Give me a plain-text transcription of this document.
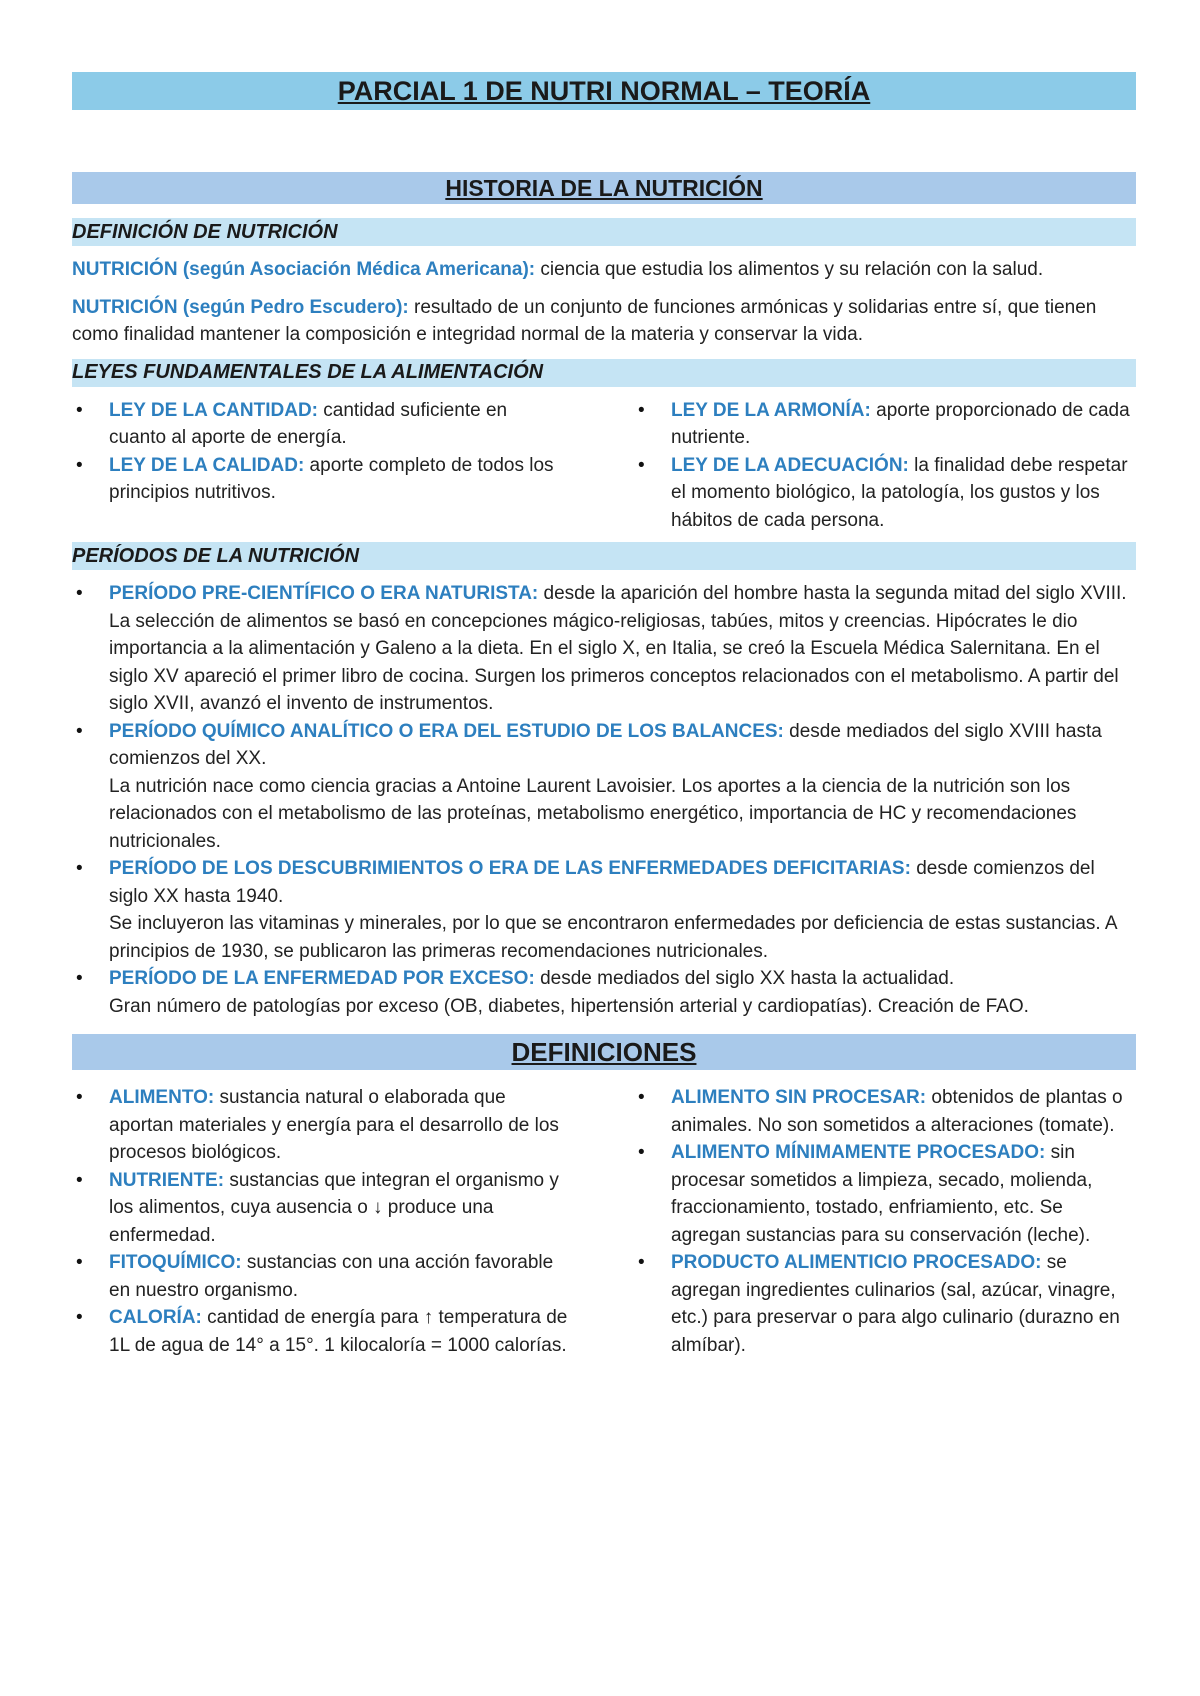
PARCIAL 1 DE NUTRI NORMAL – TEORÍA
HISTORIA DE LA NUTRICIÓN
DEFINICIÓN DE NUTRICIÓN

NUTRICIÓN (según Asociación Médica Americana): ciencia que estudia los alimentos y su relación con la salud.

NUTRICIÓN (según Pedro Escudero): resultado de un conjunto de funciones armónicas y solidarias entre sí, que tienen como finalidad mantener la composición e integridad normal de la materia y conservar la vida.

LEYES FUNDAMENTALES DE LA ALIMENTACIÓN
• LEY DE LA CANTIDAD: cantidad suficiente en cuanto al aporte de energía.
• LEY DE LA CALIDAD: aporte completo de todos los principios nutritivos.
• LEY DE LA ARMONÍA: aporte proporcionado de cada nutriente.
• LEY DE LA ADECUACIÓN: la finalidad debe respetar el momento biológico, la patología, los gustos y los hábitos de cada persona.
PERÍODOS DE LA NUTRICIÓN
• PERÍODO PRE-CIENTÍFICO O ERA NATURISTA: desde la aparición del hombre hasta la segunda mitad del siglo XVIII.
La selección de alimentos se basó en concepciones mágico-religiosas, tabúes, mitos y creencias. Hipócrates le dio importancia a la alimentación y Galeno a la dieta. En el siglo X, en Italia, se creó la Escuela Médica Salernitana. En el siglo XV apareció el primer libro de cocina. Surgen los primeros conceptos relacionados con el metabolismo. A partir del siglo XVII, avanzó el invento de instrumentos.
• PERÍODO QUÍMICO ANALÍTICO O ERA DEL ESTUDIO DE LOS BALANCES: desde mediados del siglo XVIII hasta comienzos del XX.
La nutrición nace como ciencia gracias a Antoine Laurent Lavoisier. Los aportes a la ciencia de la nutrición son los relacionados con el metabolismo de las proteínas, metabolismo energético, importancia de HC y recomendaciones nutricionales.
• PERÍODO DE LOS DESCUBRIMIENTOS O ERA DE LAS ENFERMEDADES DEFICITARIAS: desde comienzos del siglo XX hasta 1940.
Se incluyeron las vitaminas y minerales, por lo que se encontraron enfermedades por deficiencia de estas sustancias. A principios de 1930, se publicaron las primeras recomendaciones nutricionales.
• PERÍODO DE LA ENFERMEDAD POR EXCESO: desde mediados del siglo XX hasta la actualidad.
Gran número de patologías por exceso (OB, diabetes, hipertensión arterial y cardiopatías). Creación de FAO.
DEFINICIONES
• ALIMENTO: sustancia natural o elaborada que aportan materiales y energía para el desarrollo de los procesos biológicos.
• NUTRIENTE: sustancias que integran el organismo y los alimentos, cuya ausencia o ↓ produce una enfermedad.
• FITOQUÍMICO: sustancias con una acción favorable en nuestro organismo.
• CALORÍA: cantidad de energía para ↑ temperatura de 1L de agua de 14° a 15°. 1 kilocaloría = 1000 calorías.
• ALIMENTO SIN PROCESAR: obtenidos de plantas o animales. No son sometidos a alteraciones (tomate).
• ALIMENTO MÍNIMAMENTE PROCESADO: sin procesar sometidos a limpieza, secado, molienda, fraccionamiento, tostado, enfriamiento, etc. Se agregan sustancias para su conservación (leche).
• PRODUCTO ALIMENTICIO PROCESADO: se agregan ingredientes culinarios (sal, azúcar, vinagre, etc.) para preservar o para algo culinario (durazno en almíbar).
